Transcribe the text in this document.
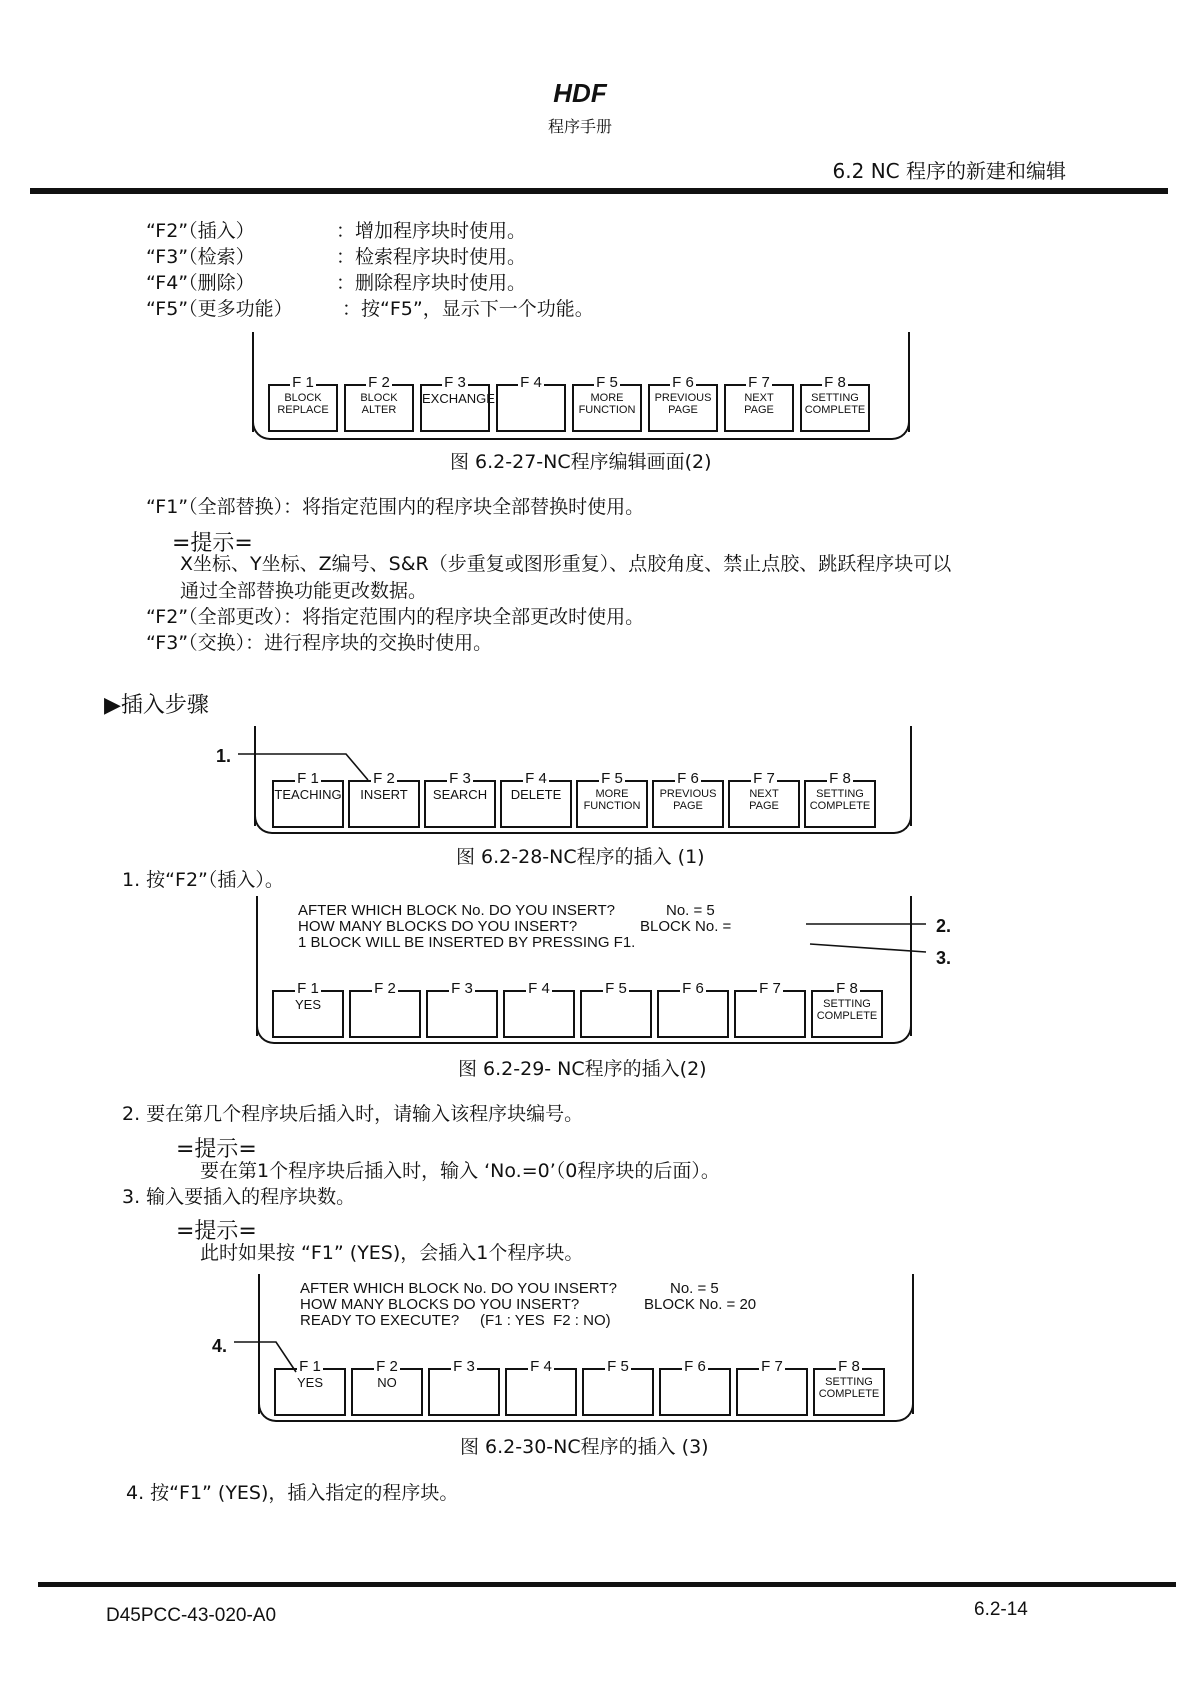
HDF
程序手册
6.2 NC 程序的新建和编辑
“F2”（插入）	：增加程序块时使用。
“F3”（检索）	：检索程序块时使用。
“F4”（删除）	：删除程序块时使用。
“F5”（更多功能）	：按“F5”，显示下一个功能。
F 1
BLOCK
REPLACE
F 2
BLOCK
ALTER
F 3
EXCHANGE
F 4	F 5
MORE
FUNCTION
F 6
PREVIOUS
PAGE
F 7
NEXT
PAGE
F 8
SETTING
COMPLETE
图 6.2-27-NC程序编辑画面(2)
“F1”（全部替换）：将指定范围内的程序块全部替换时使用。
=提示=
X坐标、Y坐标、Z编号、S&R（步重复或图形重复）、点胶角度、禁止点胶、跳跃程序块可以
通过全部替换功能更改数据。
“F2”（全部更改）：将指定范围内的程序块全部更改时使用。
“F3”（交换）：进行程序块的交换时使用。
▶插入步骤
1.
F 1
TEACHING
F 2
INSERT
F 3
SEARCH
F 4
DELETE
F 5
MORE
FUNCTION
F 6
PREVIOUS
PAGE
F 7
NEXT
PAGE
F 8
SETTING
COMPLETE
图 6.2-28-NC程序的插入 (1)
1. 按“F2”（插入）。
AFTER WHICH BLOCK No. DO YOU INSERT?	No. = 5
HOW MANY BLOCKS DO YOU INSERT?	BLOCK No. =
1 BLOCK WILL BE INSERTED BY PRESSING F1.
2.
3.
F 1
YES
F 2	F 3	F 4	F 5	F 6	F 7	F 8
SETTING
COMPLETE
图 6.2-29- NC程序的插入(2)
2. 要在第几个程序块后插入时，请输入该程序块编号。
=提示=
要在第1个程序块后插入时，输入 ‘No.=0’（0程序块的后面）。
3. 输入要插入的程序块数。
=提示=
此时如果按 “F1” (YES)，会插入1个程序块。
AFTER WHICH BLOCK No. DO YOU INSERT?	No. = 5
HOW MANY BLOCKS DO YOU INSERT?	BLOCK No. = 20
READY TO EXECUTE?     (F1 : YES  F2 : NO)
4.
F 1
YES
F 2
NO
F 3	F 4	F 5	F 6	F 7	F 8
SETTING
COMPLETE
图 6.2-30-NC程序的插入 (3)
4. 按“F1” (YES)，插入指定的程序块。
D45PCC-43-020-A0	6.2-14
